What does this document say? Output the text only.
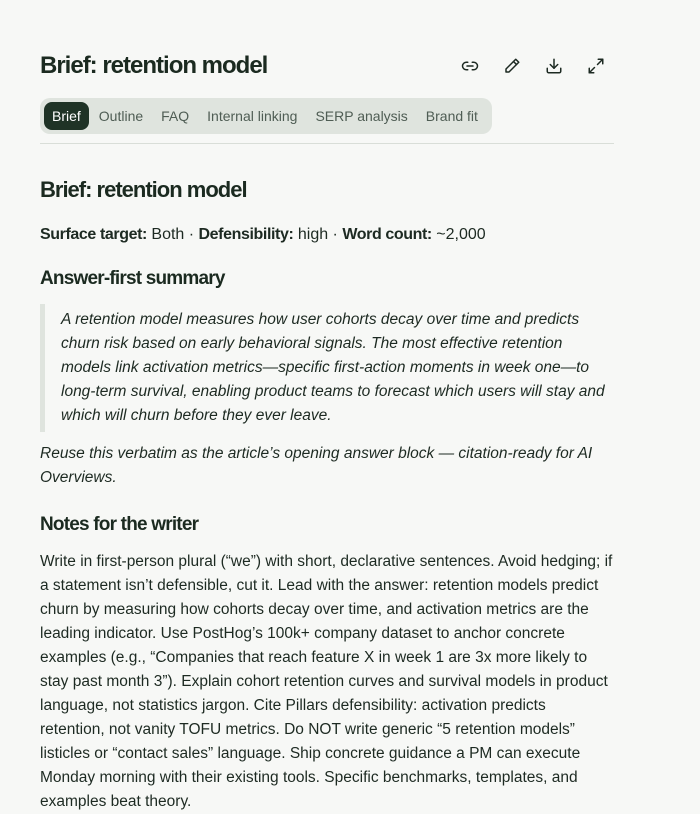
Brief: retention model
Brief	Outline	FAQ	Internal linking	SERP analysis	Brand fit
Brief: retention model

Surface target: Both · Defensibility: high · Word count: ~2,000

Answer-first summary
A retention model measures how user cohorts decay over time and predicts churn risk based on early behavioral signals. The most effective retention models link activation metrics—specific first-action moments in week one—to long-term survival, enabling product teams to forecast which users will stay and which will churn before they ever leave.

Reuse this verbatim as the article’s opening answer block — citation-ready for AI Overviews.

Notes for the writer

Write in first-person plural (“we”) with short, declarative sentences. Avoid hedging; if a statement isn’t defensible, cut it. Lead with the answer: retention models predict churn by measuring how cohorts decay over time, and activation metrics are the leading indicator. Use PostHog’s 100k+ company dataset to anchor concrete examples (e.g., “Companies that reach feature X in week 1 are 3x more likely to stay past month 3”). Explain cohort retention curves and survival models in product language, not statistics jargon. Cite Pillars defensibility: activation predicts retention, not vanity TOFU metrics. Do NOT write generic “5 retention models” listicles or “contact sales” language. Ship concrete guidance a PM can execute Monday morning with their existing tools. Specific benchmarks, templates, and examples beat theory.
